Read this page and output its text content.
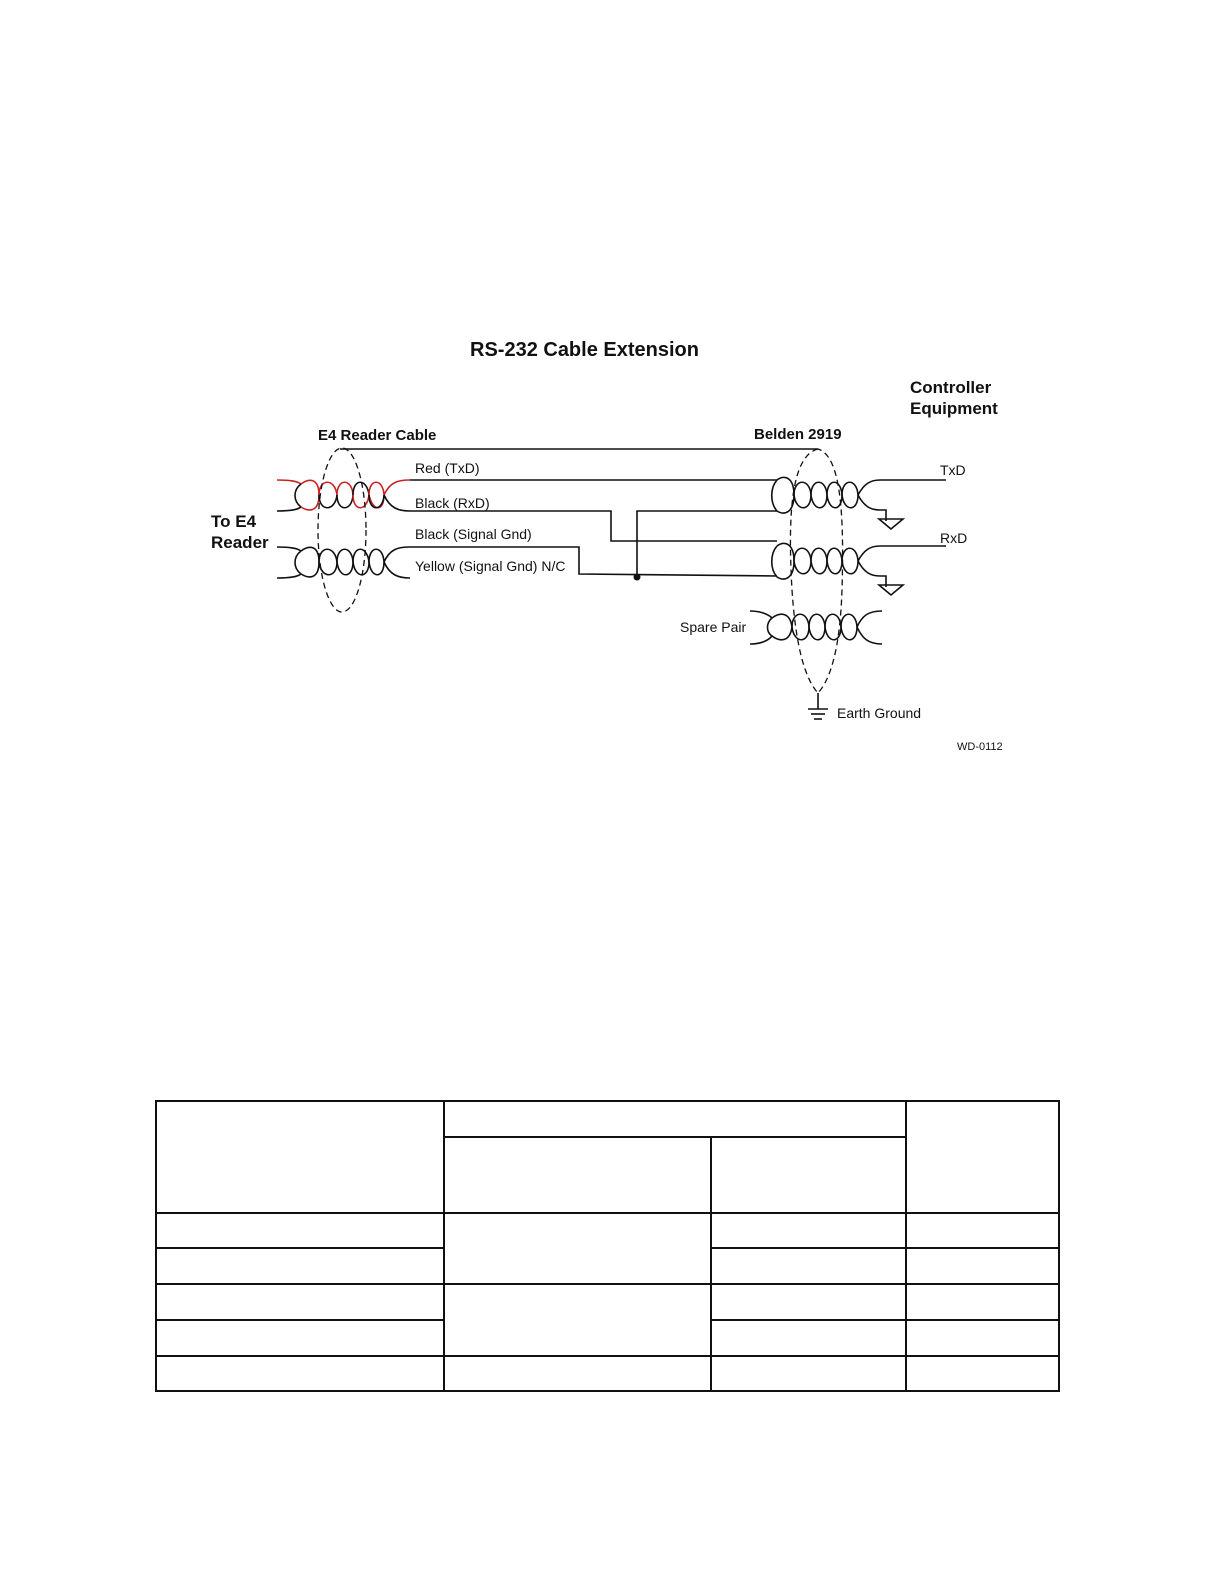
RS-232 Cable Extension
Controller
Equipment
To E4
Reader
E4 Reader Cable	Belden 2919
Red (TxD)
Black (RxD)
Black (Signal Gnd)
Yellow (Signal Gnd) N/C
TxD
RxD
Spare Pair
Earth Ground
WD-0112
